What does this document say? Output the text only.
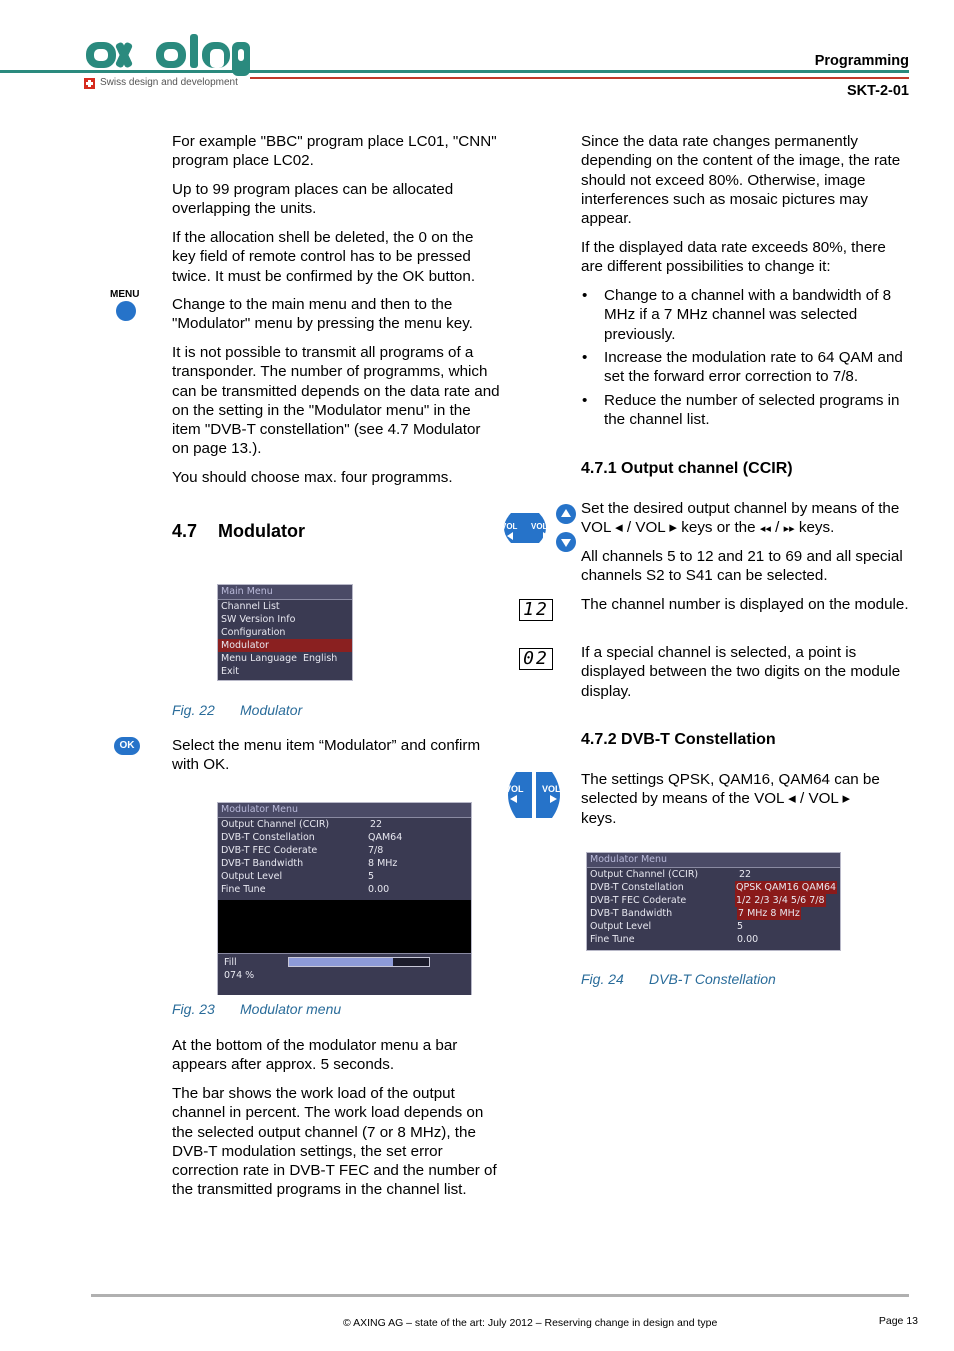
Swiss design and development
Programming
SKT-2-01

For example "BBC" program place LC01, "CNN" program place LC02.

Up to 99 program places can be allocated overlapping the units.

If the allocation shell be deleted, the 0 on the key field of remote control has to be pressed twice. It must be confirmed by the OK button.

MENU

Change to the main menu and then to the "Modulator" menu by pressing the menu key.

It is not possible to transmit all programs of a transponder. The number of programms, which can be transmitted depends on the data rate and on the setting in the "Modulator menu" in the item "DVB-T constellation" (see 4.7 Modulator on page 13.).

You should choose max. four programms.

4.7 Modulator
Main Menu
Channel List
SW Version Info
Configuration
Modulator
Menu Language English
Exit
Fig. 22 Modulator
OK	Select the menu item “Modulator” and confirm with OK.

Modulator Menu
Output Channel (CCIR)	22
DVB-T Constellation	QAM64
DVB-T FEC Coderate	7/8
DVB-T Bandwidth	8 MHz
Output Level	5
Fine Tune	0.00
Fill
074 %
Fig. 23 Modulator menu

At the bottom of the modulator menu a bar appears after approx. 5 seconds.

The bar shows the work load of the output channel in percent. The work load depends on the selected output channel (7 or 8 MHz), the DVB-T modulation settings, the set error correction rate in DVB-T FEC and the number of the transmitted programs in the channel list.

Since the data rate changes permanently depending on the content of the image, the rate should not exceed 80%. Otherwise, image interferences such as mosaic pictures may appear.

If the displayed data rate exceeds 80%, there are different possibilities to change it:

• Change to a channel with a bandwidth of 8 MHz if a 7 MHz channel was selected previously.

• Increase the modulation rate to 64 QAM and set the forward error correction to 7/8.

• Reduce the number of selected programs in the channel list.

4.7.1 Output channel (CCIR)
VOL VOL

Set the desired output channel by means of the
VOL ◂ / VOL ▸ keys or the ◂◂ / ▸▸ keys.

All channels 5 to 12 and 21 to 69 and all special channels S2 to S41 can be selected.

12 The channel number is displayed on the module.

02 If a special channel is selected, a point is displayed between the two digits on the module display.

4.7.2 DVB-T Constellation
VOL VOL

The settings QPSK, QAM16, QAM64 can be
selected by means of the VOL ◂ / VOL ▸
keys.

Modulator Menu
Output Channel (CCIR)	22
DVB-T Constellation	QPSK QAM16 QAM64
DVB-T FEC Coderate	1/2 2/3 3/4 5/6 7/8
DVB-T Bandwidth	7 MHz 8 MHz
Output Level	5
Fine Tune	0.00
Fig. 24 DVB-T Constellation
© AXING AG – state of the art: July 2012 – Reserving change in design and type	Page 13
